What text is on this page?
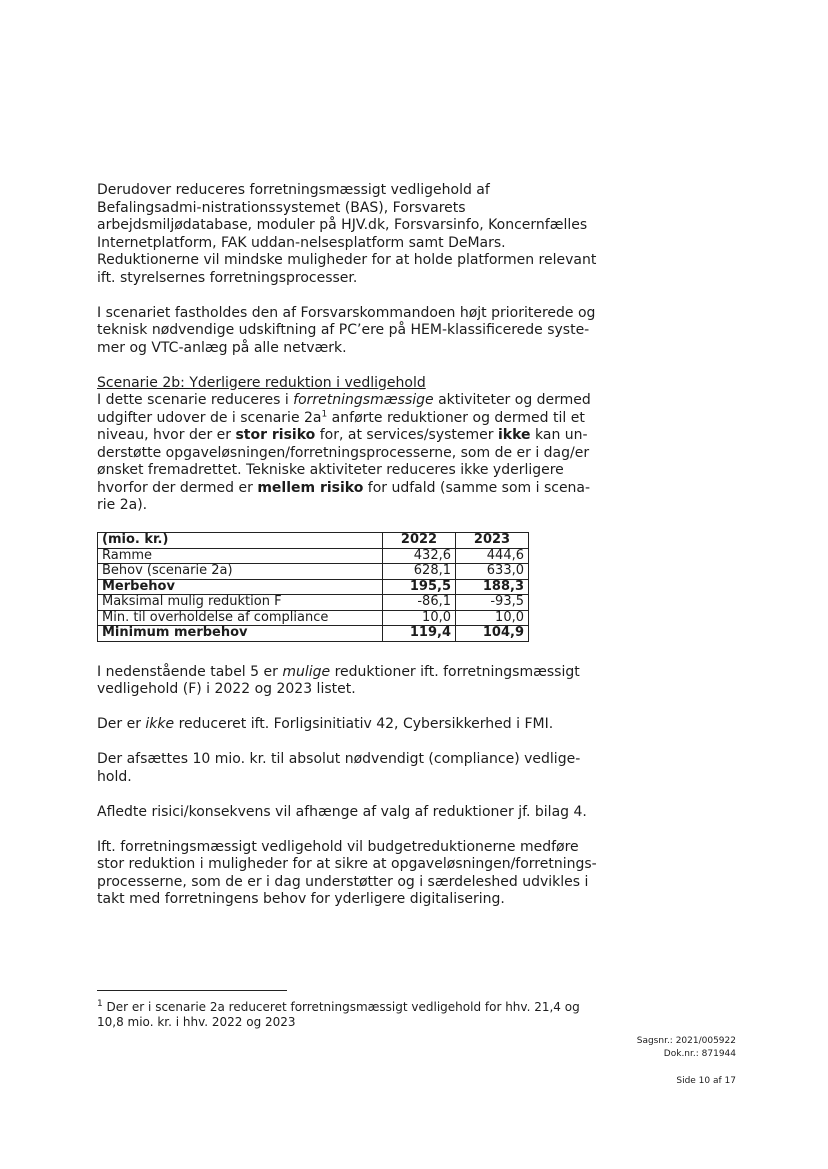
Derudover reduceres forretningsmæssigt vedligehold af Befalingsadmi-nistrationssystemet (BAS), Forsvarets arbejdsmiljødatabase, moduler på HJV.dk, Forsvarsinfo, Koncernfælles Internetplatform, FAK uddan-nelsesplatform samt DeMars. Reduktionerne vil mindske muligheder for at holde platformen relevant ift. styrelsernes forretningsprocesser.

I scenariet fastholdes den af Forsvarskommandoen højt prioriterede og teknisk nødvendige udskiftning af PC’ere på HEM-klassificerede syste-mer og VTC-anlæg på alle netværk.

Scenarie 2b: Yderligere reduktion i vedligehold

I dette scenarie reduceres i forretningsmæssige aktiviteter og dermed udgifter udover de i scenarie $2a^1$ anførte reduktioner og dermed til et niveau, hvor der er stor risiko for, at services/systemer ikke kan un-derstøtte opgaveløsningen/forretningsprocesserne, som de er i dag/er ønsket fremadrettet. Tekniske aktiviteter reduceres ikke yderligere hvorfor der dermed er mellem risiko for udfald (samme som i scena-rie 2a).

(mio. kr.)	2022	2023
Ramme	432,6	444,6
Behov (scenarie 2a)	628,1	633,0
Merbehov	195,5	188,3
Maksimal mulig reduktion F	-86,1	-93,5
Min. til overholdelse af compliance	10,0	10,0
Minimum merbehov	119,4	104,9

I nedenstående tabel 5 er mulige reduktioner ift. forretningsmæssigt vedligehold (F) i 2022 og 2023 listet.

Der er ikke reduceret ift. Forligsinitiativ 42, Cybersikkerhed i FMI.

Der afsættes 10 mio. kr. til absolut nødvendigt (compliance) vedlige-hold.

Afledte risici/konsekvens vil afhænge af valg af reduktioner jf. bilag 4.

Ift. forretningsmæssigt vedligehold vil budgetreduktionerne medføre stor reduktion i muligheder for at sikre at opgaveløsningen/forretnings-processerne, som de er i dag understøtter og i særdeleshed udvikles i takt med forretningens behov for yderligere digitalisering.

$^1$ Der er i scenarie 2a reduceret forretningsmæssigt vedligehold for hhv. 21,4 og 10,8 mio. kr. i hhv. 2022 og 2023
Sagsnr.: 2021/005922
Dok.nr.: 871944
Side 10 af 17
